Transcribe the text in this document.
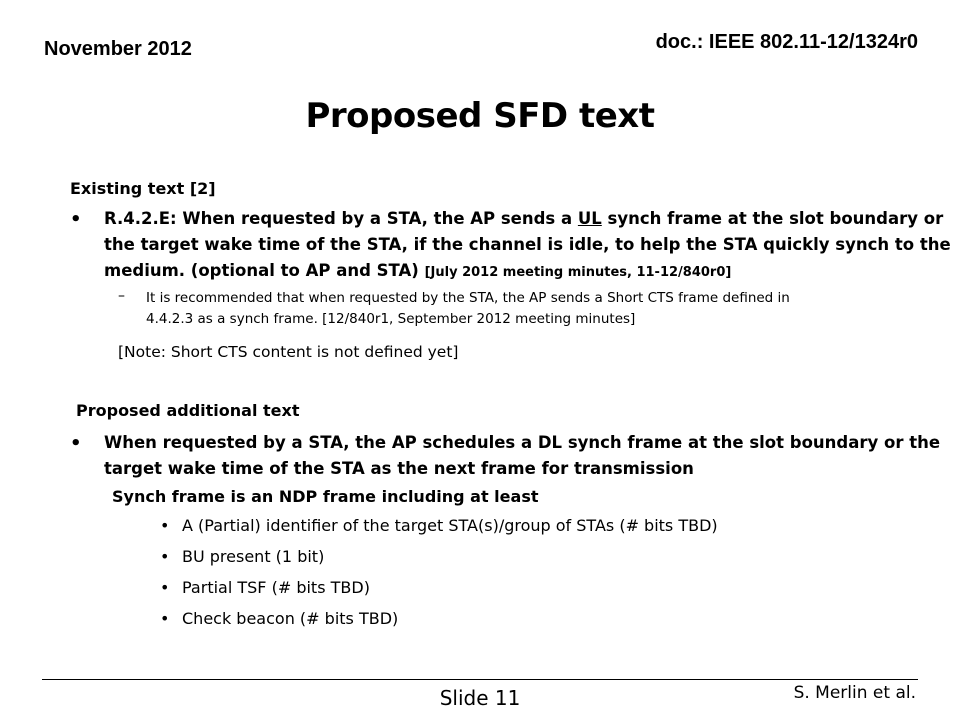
November 2012	doc.: IEEE 802.11-12/1324r0
Proposed SFD text
Existing text [2]
• R.4.2.E: When requested by a STA, the AP sends a UL synch frame at the slot boundary or
the target wake time of the STA, if the channel is idle, to help the STA quickly synch to the
medium. (optional to AP and STA) [July 2012 meeting minutes, 11-12/840r0]
– It is recommended that when requested by the STA, the AP sends a Short CTS frame defined in
4.4.2.3 as a synch frame. [12/840r1, September 2012 meeting minutes]
[Note: Short CTS content is not defined yet]
Proposed additional text
• When requested by a STA, the AP schedules a DL synch frame at the slot boundary or the
target wake time of the STA as the next frame for transmission
Synch frame is an NDP frame including at least
• A (Partial) identifier of the target STA(s)/group of STAs (# bits TBD)
• BU present (1 bit)
• Partial TSF (# bits TBD)
• Check beacon (# bits TBD)
Slide 11	S. Merlin et al.
